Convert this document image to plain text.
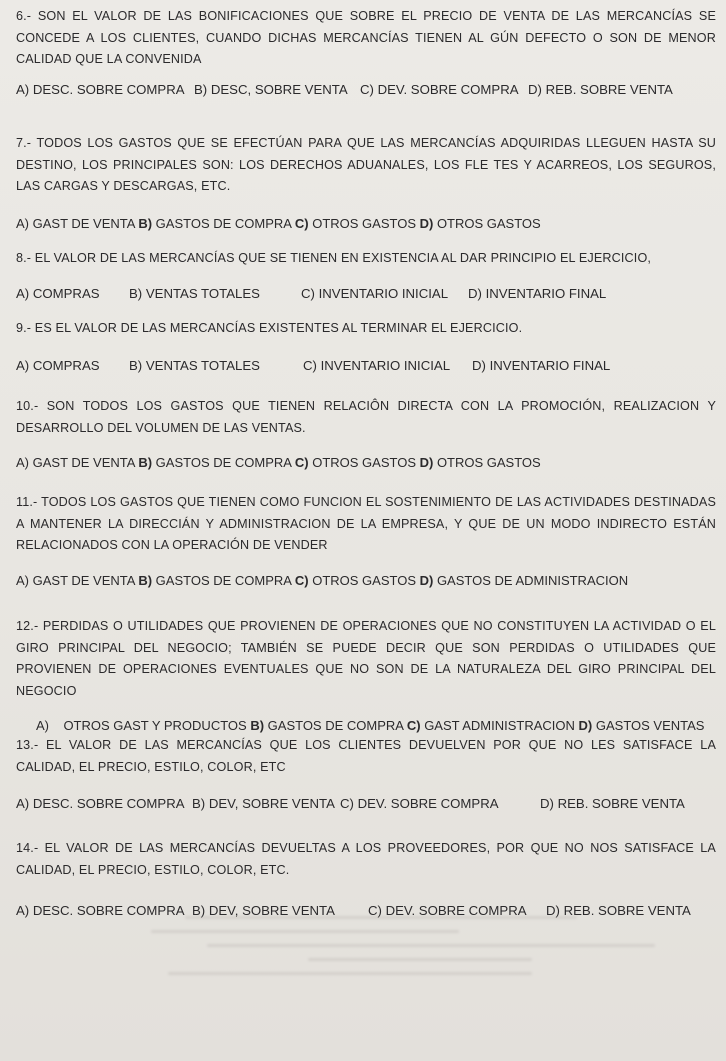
6.- SON EL VALOR DE LAS BONIFICACIONES QUE SOBRE EL PRECIO DE VENTA DE LAS MERCANCÍAS SE CONCEDE A LOS CLIENTES, CUANDO DICHAS MERCANCÍAS TIENEN AL GÚN DEFECTO O SON DE MENOR CALIDAD QUE LA CONVENIDA

A) DESC. SOBRE COMPRA B) DESC, SOBRE VENTA C) DEV. SOBRE COMPRA D) REB. SOBRE VENTA

7.- TODOS LOS GASTOS QUE SE EFECTÚAN PARA QUE LAS MERCANCÍAS ADQUIRIDAS LLEGUEN HASTA SU DESTINO, LOS PRINCIPALES SON: LOS DERECHOS ADUANALES, LOS FLE TES Y ACARREOS, LOS SEGUROS, LAS CARGAS Y DESCARGAS, ETC.

A) GAST DE VENTA B) GASTOS DE COMPRA C) OTROS GASTOS D) OTROS GASTOS

8.- EL VALOR DE LAS MERCANCÍAS QUE SE TIENEN EN EXISTENCIA AL DAR PRINCIPIO EL EJERCICIO,

A) COMPRAS B) VENTAS TOTALES	C) INVENTARIO INICIAL D) INVENTARIO FINAL

9.- ES EL VALOR DE LAS MERCANCÍAS EXISTENTES AL TERMINAR EL EJERCICIO.

A) COMPRAS B) VENTAS TOTALES	C) INVENTARIO INICIAL D) INVENTARIO FINAL

10.- SON TODOS LOS GASTOS QUE TIENEN RELACIÔN DIRECTA CON LA PROMOCIÓN, REALIZACION Y DESARROLLO DEL VOLUMEN DE LAS VENTAS.

A) GAST DE VENTA B) GASTOS DE COMPRA C) OTROS GASTOS D) OTROS GASTOS

11.- TODOS LOS GASTOS QUE TIENEN COMO FUNCION EL SOSTENIMIENTO DE LAS ACTIVIDADES DESTINADAS A MANTENER LA DIRECCIÁN Y ADMINISTRACION DE LA EMPRESA, Y QUE DE UN MODO INDIRECTO ESTÁN RELACIONADOS CON LA OPERACIÓN DE VENDER

A) GAST DE VENTA B) GASTOS DE COMPRA C) OTROS GASTOS D) GASTOS DE ADMINISTRACION

12.- PERDIDAS O UTILIDADES QUE PROVIENEN DE OPERACIONES QUE NO CONSTITUYEN LA ACTIVIDAD O EL GIRO PRINCIPAL DEL NEGOCIO; TAMBIÉN SE PUEDE DECIR QUE SON PERDIDAS O UTILIDADES QUE PROVIENEN DE OPERACIONES EVENTUALES QUE NO SON DE LA NATURALEZA DEL GIRO PRINCIPAL DEL NEGOCIO

A)    OTROS GAST Y PRODUCTOS B) GASTOS DE COMPRA C) GAST ADMINISTRACION D) GASTOS VENTAS

13.- EL VALOR DE LAS MERCANCÍAS QUE LOS CLIENTES DEVUELVEN POR QUE NO LES SATISFACE LA CALIDAD, EL PRECIO, ESTILO, COLOR, ETC

A) DESC. SOBRE COMPRA B) DEV, SOBRE VENTA C) DEV. SOBRE COMPRA	D) REB. SOBRE VENTA

14.- EL VALOR DE LAS MERCANCÍAS DEVUELTAS A LOS PROVEEDORES, POR QUE NO NOS SATISFACE LA CALIDAD, EL PRECIO, ESTILO, COLOR, ETC.

A) DESC. SOBRE COMPRA B) DEV, SOBRE VENTA	C) DEV. SOBRE COMPRA D) REB. SOBRE VENTA
